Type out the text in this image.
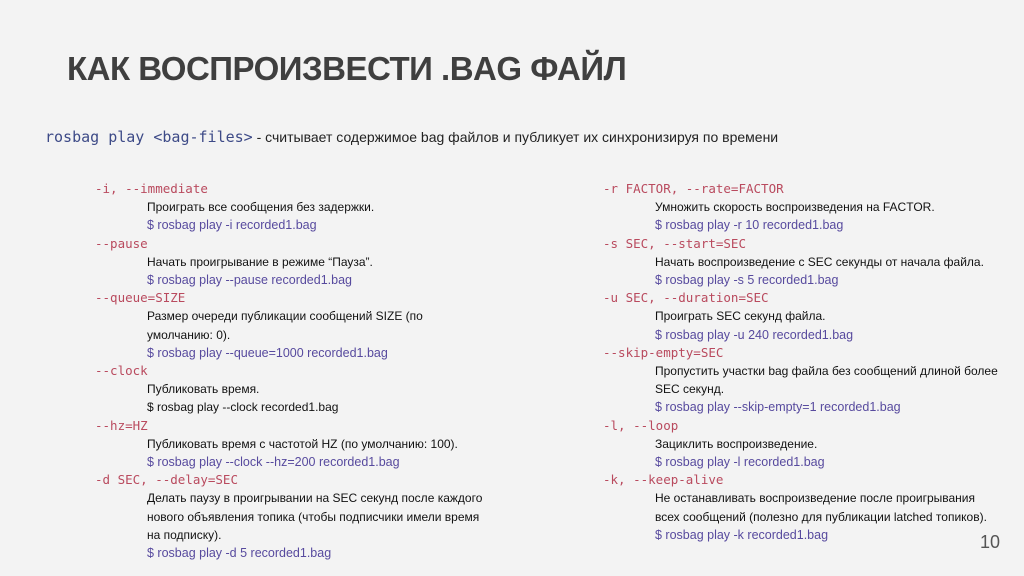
КАК ВОСПРОИЗВЕСТИ .BAG ФАЙЛ
rosbag play <bag-files> - считывает содержимое bag файлов и публикует их синхронизируя по времени
-i, --immediate
Проиграть все сообщения без задержки.
$ rosbag play -i recorded1.bag
--pause
Начать проигрывание в режиме “Пауза”.
$ rosbag play --pause recorded1.bag
--queue=SIZE
Размер очереди публикации сообщений SIZE (по
умолчанию: 0).
$ rosbag play --queue=1000 recorded1.bag
--clock
Публиковать время.
$ rosbag play --clock recorded1.bag
--hz=HZ
Публиковать время с частотой HZ (по умолчанию: 100).
$ rosbag play --clock --hz=200 recorded1.bag
-d SEC, --delay=SEC
Делать паузу в проигрывании на SEC секунд после каждого
нового объявления топика (чтобы подписчики имели время
на подписку).
$ rosbag play -d 5 recorded1.bag
-r FACTOR, --rate=FACTOR
Умножить скорость воспроизведения на FACTOR.
$ rosbag play -r 10 recorded1.bag
-s SEC, --start=SEC
Начать воспроизведение с SEC секунды от начала файла.
$ rosbag play -s 5 recorded1.bag
-u SEC, --duration=SEC
Проиграть SEC секунд файла.
$ rosbag play -u 240 recorded1.bag
--skip-empty=SEC
Пропустить участки bag файла без сообщений длиной более
SEC секунд.
$ rosbag play --skip-empty=1 recorded1.bag
-l, --loop
Зациклить воспроизведение.
$ rosbag play -l recorded1.bag
-k, --keep-alive
Не останавливать воспроизведение после проигрывания
всех сообщений (полезно для публикации latched топиков).
$ rosbag play -k recorded1.bag	10
